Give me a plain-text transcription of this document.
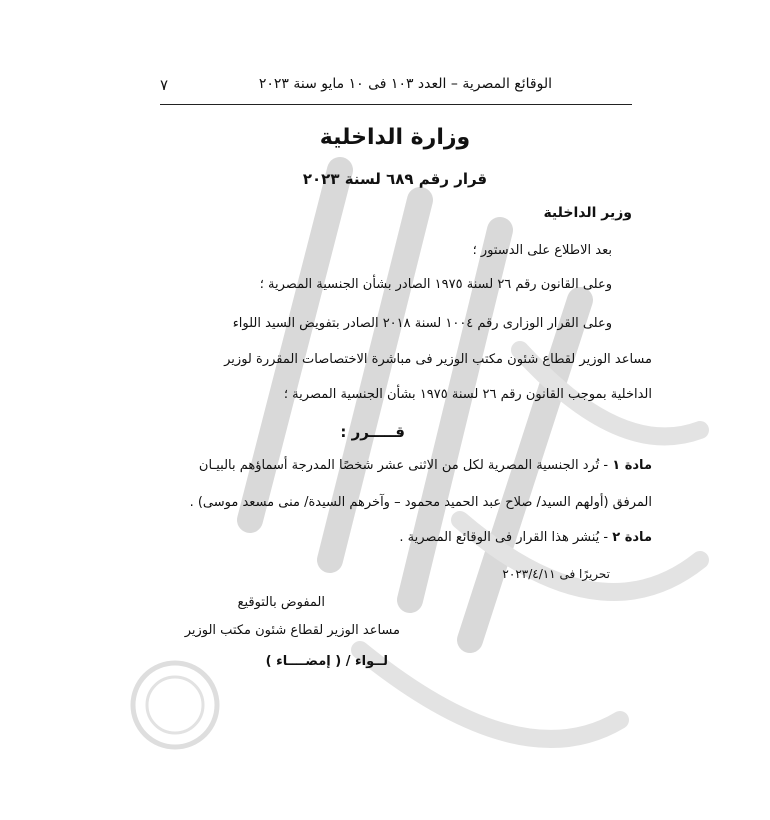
الوقائع المصرية – العدد ١٠٣ فى ١٠ مايو سنة ٢٠٢٣
٧
وزارة الداخلية
قرار رقم ٦٨٩ لسنة ٢٠٢٣
وزير الداخلية
بعد الاطلاع على الدستور ؛
وعلى القانون رقم ٢٦ لسنة ١٩٧٥ الصادر بشأن الجنسية المصرية ؛
وعلى القرار الوزارى رقم ١٠٠٤ لسنة ٢٠١٨ الصادر بتفويض السيد اللواء
مساعد الوزير لقطاع شئون مكتب الوزير فى مباشرة الاختصاصات المقررة لوزير
الداخلية بموجب القانون رقم ٢٦ لسنة ١٩٧٥ بشأن الجنسية المصرية ؛
قـــــرر :
مادة ١ - تُرد الجنسية المصرية لكل من الاثنى عشر شخصًا المدرجة أسماؤهم بالبيـان
المرفق (أولهم السيد/ صلاح عبد الحميد محمود – وآخرهم السيدة/ منى مسعد موسى) .
مادة ٢ - يُنشر هذا القرار فى الوقائع المصرية .
تحريرًا فى ٢٠٢٣/٤/١١
المفوض بالتوقيع
مساعد الوزير لقطاع شئون مكتب الوزير
لــواء / ( إمضــــاء )
